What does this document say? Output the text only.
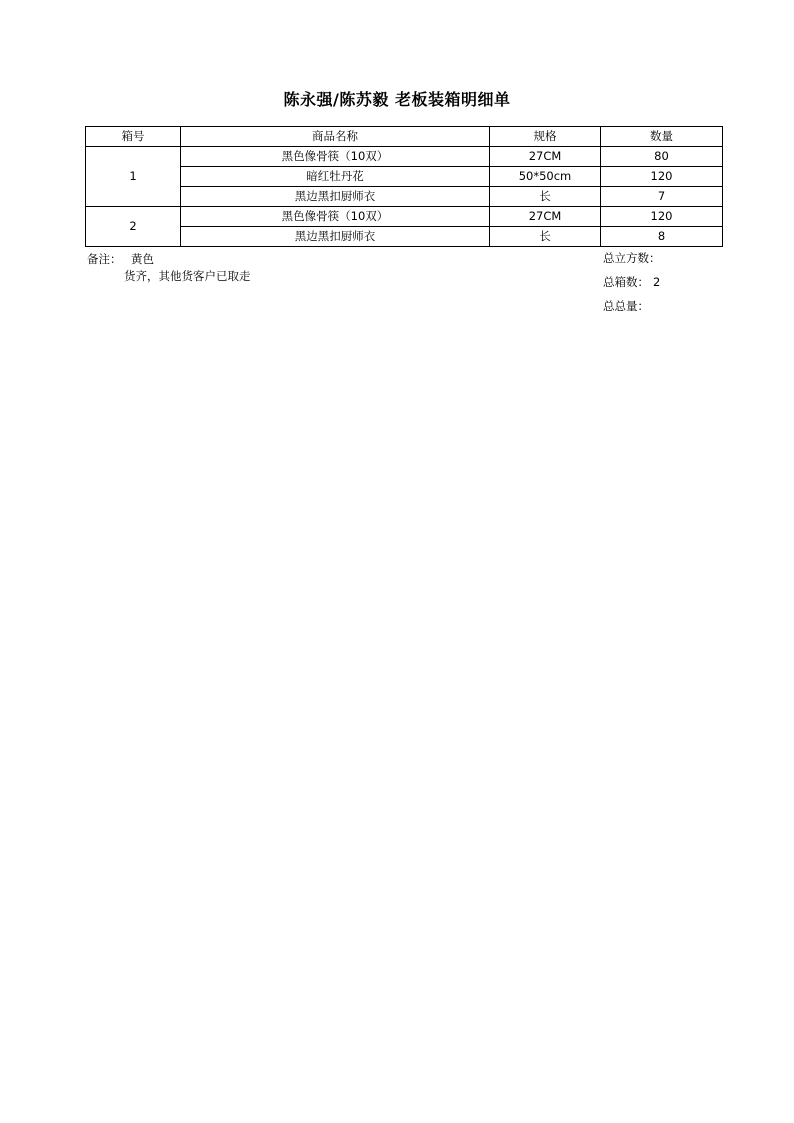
陈永强/陈苏毅 老板装箱明细单
箱号	商品名称	规格	数量
1	黑色像骨筷（10双）	27CM	80
	暗红牡丹花	50*50cm	120
	黑边黑扣厨师衣	长	7
2	黑色像骨筷（10双）	27CM	120
	黑边黑扣厨师衣	长	8
备注： 黄色
货齐，其他货客户已取走
总立方数：
总箱数： 2
总总量：
